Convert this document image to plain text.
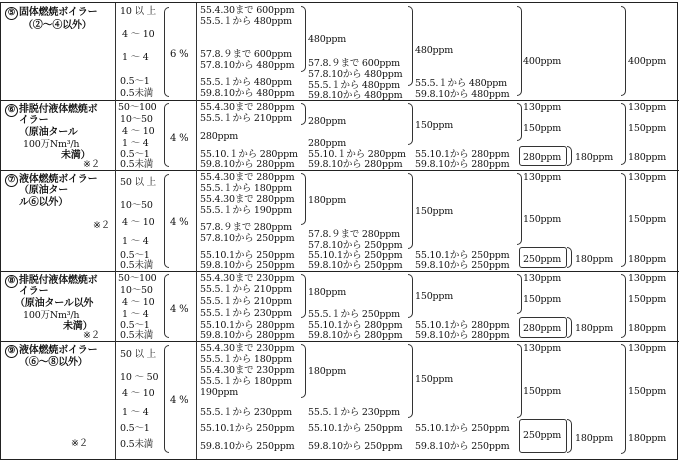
⑤ 固体燃焼ボイラー
（②～④以外）
10 以 上
4 ～ 10
1 ～ 4
0.5～1
0.5未満
6 %
55.4.30まで 600ppm
55.5.１から 480ppm
57.8.９まで 600ppm
57.8.10から 480ppm
55.5.１から 480ppm
59.8.10から 480ppm
480ppm
57.8.９まで 600ppm
57.8.10から 480ppm
55.5.１から 480ppm
59.8.10から 480ppm
480ppm
55.5.１から 480ppm
59.8.10から 480ppm
400ppm	400ppm
⑥ 排脱付液体燃焼ボ
イラー
（原油タール
100万Nm³/h
未満）
※２
50～100
10～50
4 ～ 10
1 ～ 4
0.5～1
0.5未満
4 %
55.4.30まで 280ppm
55.5.１から 210ppm
280ppm
55.10.１から 280ppm
59.8.10から 280ppm
280ppm
280ppm
55.10.１から 280ppm
59.8.10から 280ppm
150ppm
55.10.1から 280ppm
59.8.10から 280ppm
130ppm
150ppm
280ppm 180ppm
130ppm
150ppm
180ppm
⑦ 液体燃焼ボイラー
（原油ター
ル⑥以外）
※２
50 以 上
10～50
4 ～ 10
1 ～ 4
0.5～1
0.5未満
4 %
55.4.30まで 280ppm
55.5.１から 180ppm
55.4.30まで 280ppm
55.5.１から 190ppm
57.8.９まで 280ppm
57.8.10から 250ppm
55.10.1から 250ppm
59.8.10から 250ppm
180ppm
57.8.９まで 280ppm
57.8.10から 250ppm
55.10.1から 250ppm
59.8.10から 250ppm
150ppm
55.10.1から 250ppm
59.8.10から 250ppm
130ppm
150ppm
250ppm 180ppm
130ppm
150ppm
180ppm
⑧ 排脱付液体燃焼ボ
イラー
（原油タール以外
100万Nm³/h
未満）
※２
50～100
10～50
4 ～ 10
1 ～ 4
0.5～1
0.5未満
4 %
55.4.30まで 230ppm
55.5.１から 210ppm
55.5.１から 210ppm
55.5.１から 230ppm
55.10.1から 280ppm
59.8.10から 280ppm
180ppm
55.5.１から 250ppm
55.10.1から 280ppm
59.8.10から 280ppm
150ppm
55.10.1から 280ppm
59.8.10から 280ppm
130ppm
150ppm
280ppm 180ppm
130ppm
150ppm
180ppm
⑨ 液体燃焼ボイラー
（⑥～⑧以外）
※２
50 以 上
10 ～ 50
4 ～ 10
1 ～ 4
0.5～1
0.5未満
4 %
55.4.30まで 230ppm
55.5.１から 180ppm
55.4.30まで 230ppm
55.5.１から 180ppm
190ppm
55.5.１から 230ppm
55.10.1から 250ppm
59.8.10から 250ppm
180ppm
55.5.１から 230ppm
55.10.1から 250ppm
59.8.10から 250ppm
150ppm
55.10.1から 250ppm
59.8.10から 250ppm
130ppm
150ppm
250ppm 180ppm
130ppm
150ppm
180ppm
